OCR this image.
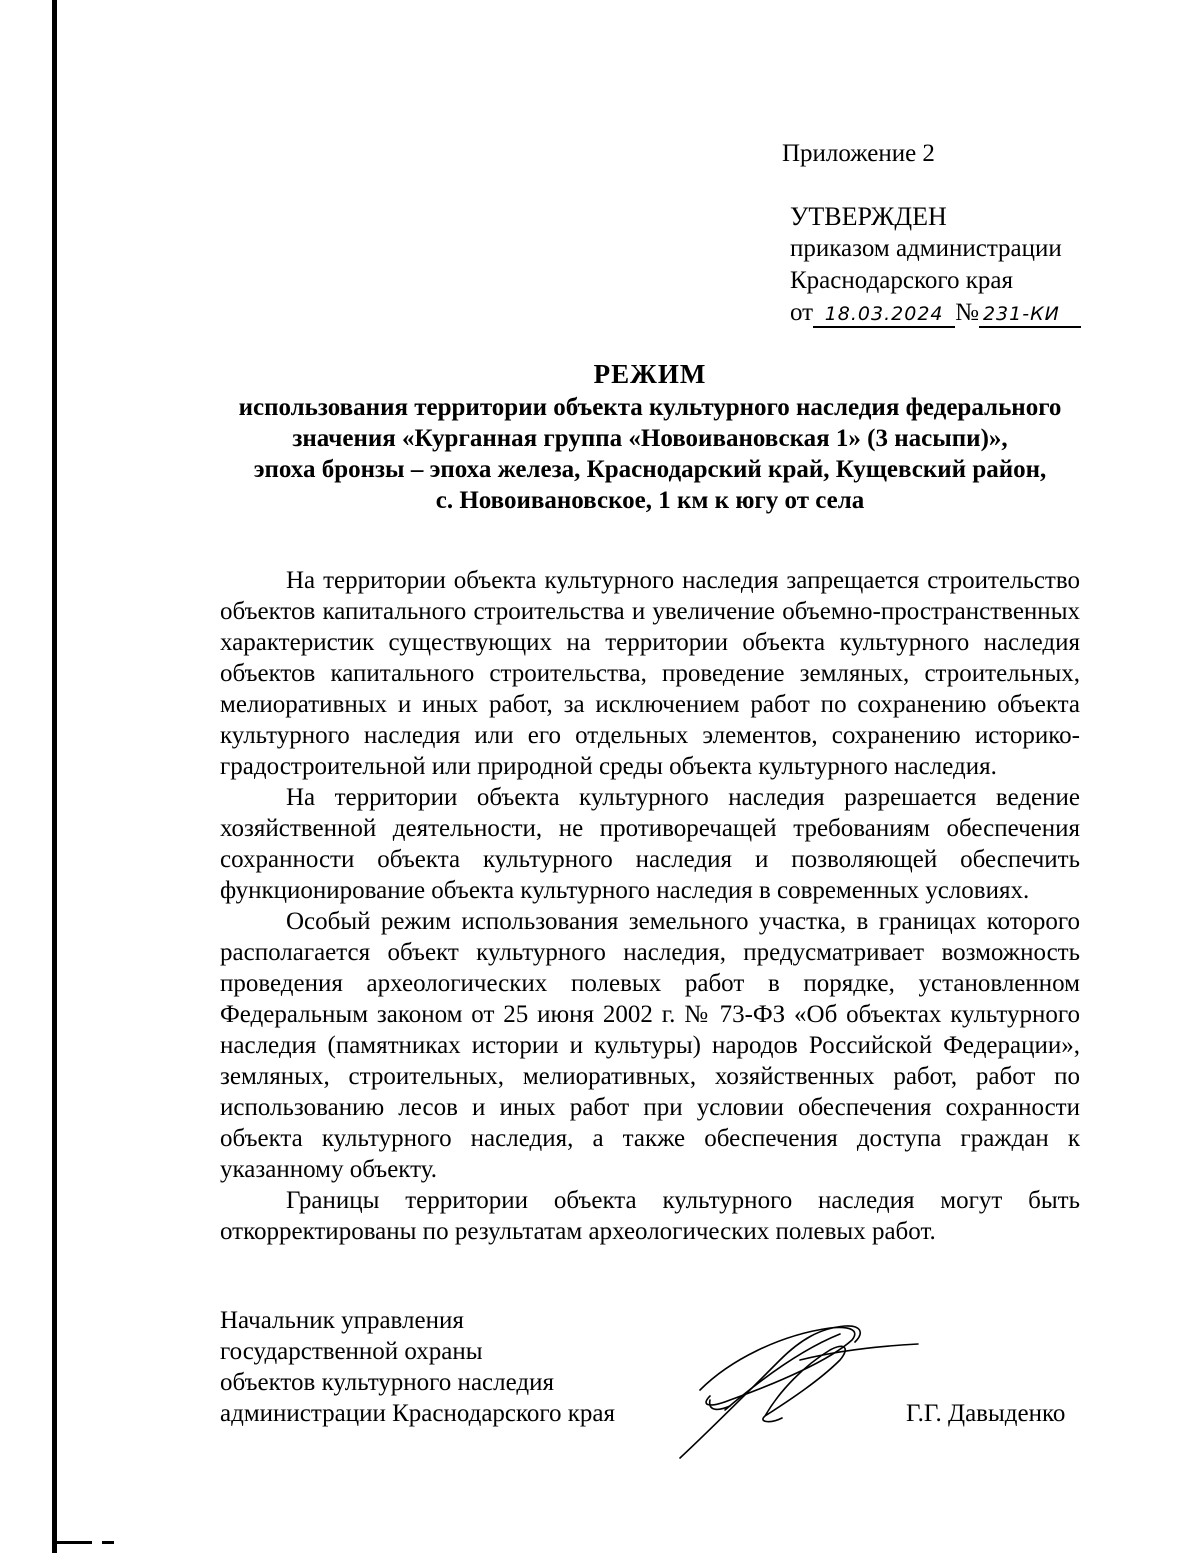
Приложение 2
УТВЕРЖДЕН
приказом администрации
Краснодарского края
от 18.03.2024 № 231-КИ
РЕЖИМ
использования территории объекта культурного наследия федерального
значения «Курганная группа «Новоивановская 1» (3 насыпи)»,
эпоха бронзы – эпоха железа, Краснодарский край, Кущевский район,
с. Новоивановское, 1 км к югу от села

На территории объекта культурного наследия запрещается строительство объектов капитального строительства и увеличение объемно-пространственных характеристик существующих на территории объекта культурного наследия объектов капитального строительства, проведение земляных, строительных, мелиоративных и иных работ, за исключением работ по сохранению объекта культурного наследия или его отдельных элементов, сохранению историко-градостроительной или природной среды объекта культурного наследия.

На территории объекта культурного наследия разрешается ведение хозяйственной деятельности, не противоречащей требованиям обеспечения сохранности объекта культурного наследия и позволяющей обеспечить функционирование объекта культурного наследия в современных условиях.

Особый режим использования земельного участка, в границах которого располагается объект культурного наследия, предусматривает возможность проведения археологических полевых работ в порядке, установленном Федеральным законом от 25 июня 2002 г. № 73-ФЗ «Об объектах культурного наследия (памятниках истории и культуры) народов Российской Федерации», земляных, строительных, мелиоративных, хозяйственных работ, работ по использованию лесов и иных работ при условии обеспечения сохранности объекта культурного наследия, а также обеспечения доступа граждан к указанному объекту.

Границы территории объекта культурного наследия могут быть откорректированы по результатам археологических полевых работ.

Начальник управления
государственной охраны
объектов культурного наследия
администрации Краснодарского края	Г.Г. Давыденко
